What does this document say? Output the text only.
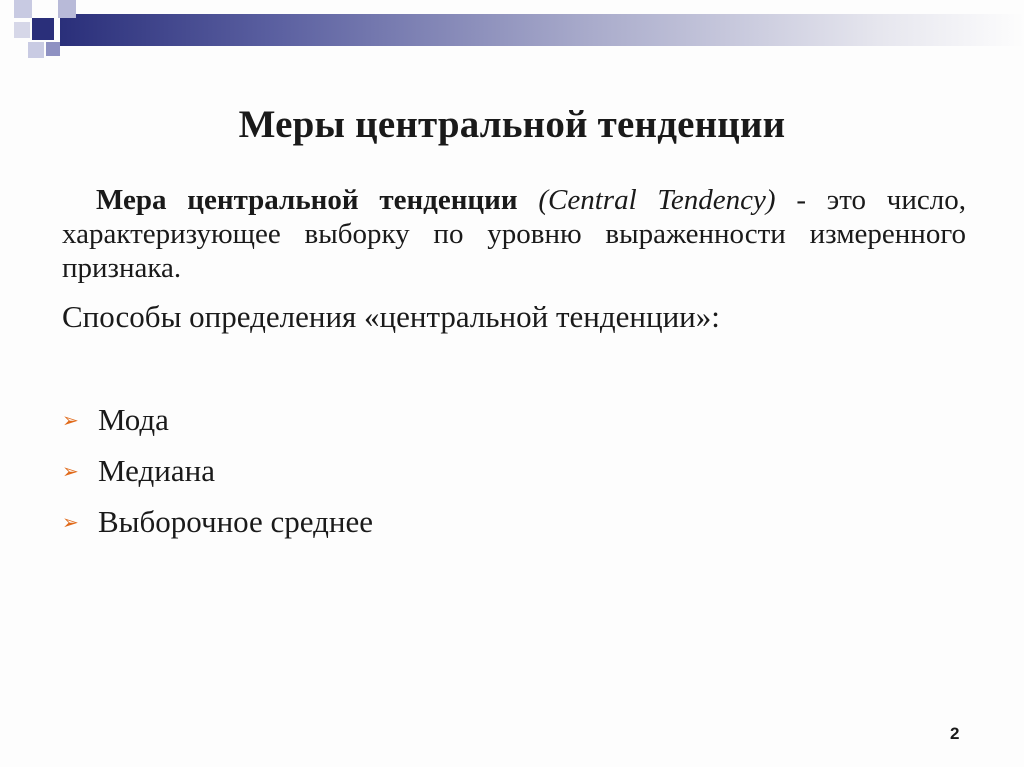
Меры центральной тенденции
Мера центральной тенденции (Central Tendency) - это число, характеризующее выборку по уровню выраженности измеренного признака.
Способы определения «центральной тенденции»:
➢ Мода
➢ Медиана
➢ Выборочное среднее
2
